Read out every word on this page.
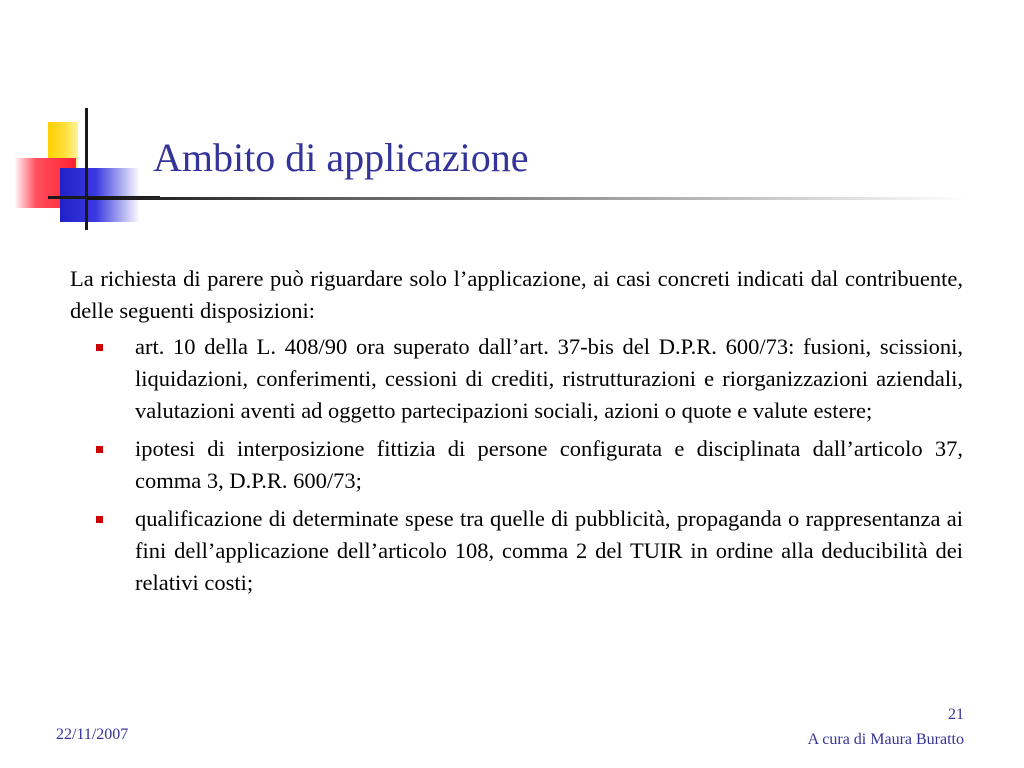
Ambito di applicazione

La richiesta di parere può riguardare solo l’applicazione, ai casi concreti indicati dal contribuente, delle seguenti disposizioni:

art. 10 della L. 408/90 ora superato dall’art. 37-bis del D.P.R. 600/73: fusioni, scissioni, liquidazioni, conferimenti, cessioni di crediti, ristrutturazioni e riorganizzazioni aziendali, valutazioni aventi ad oggetto partecipazioni sociali, azioni o quote e valute estere;
ipotesi di interposizione fittizia di persone configurata e disciplinata dall’articolo 37, comma 3, D.P.R. 600/73;
qualificazione di determinate spese tra quelle di pubblicità, propaganda o rappresentanza ai fini dell’applicazione dell’articolo 108, comma 2 del TUIR in ordine alla deducibilità dei relativi costi;
22/11/2007
21
A cura di Maura Buratto
